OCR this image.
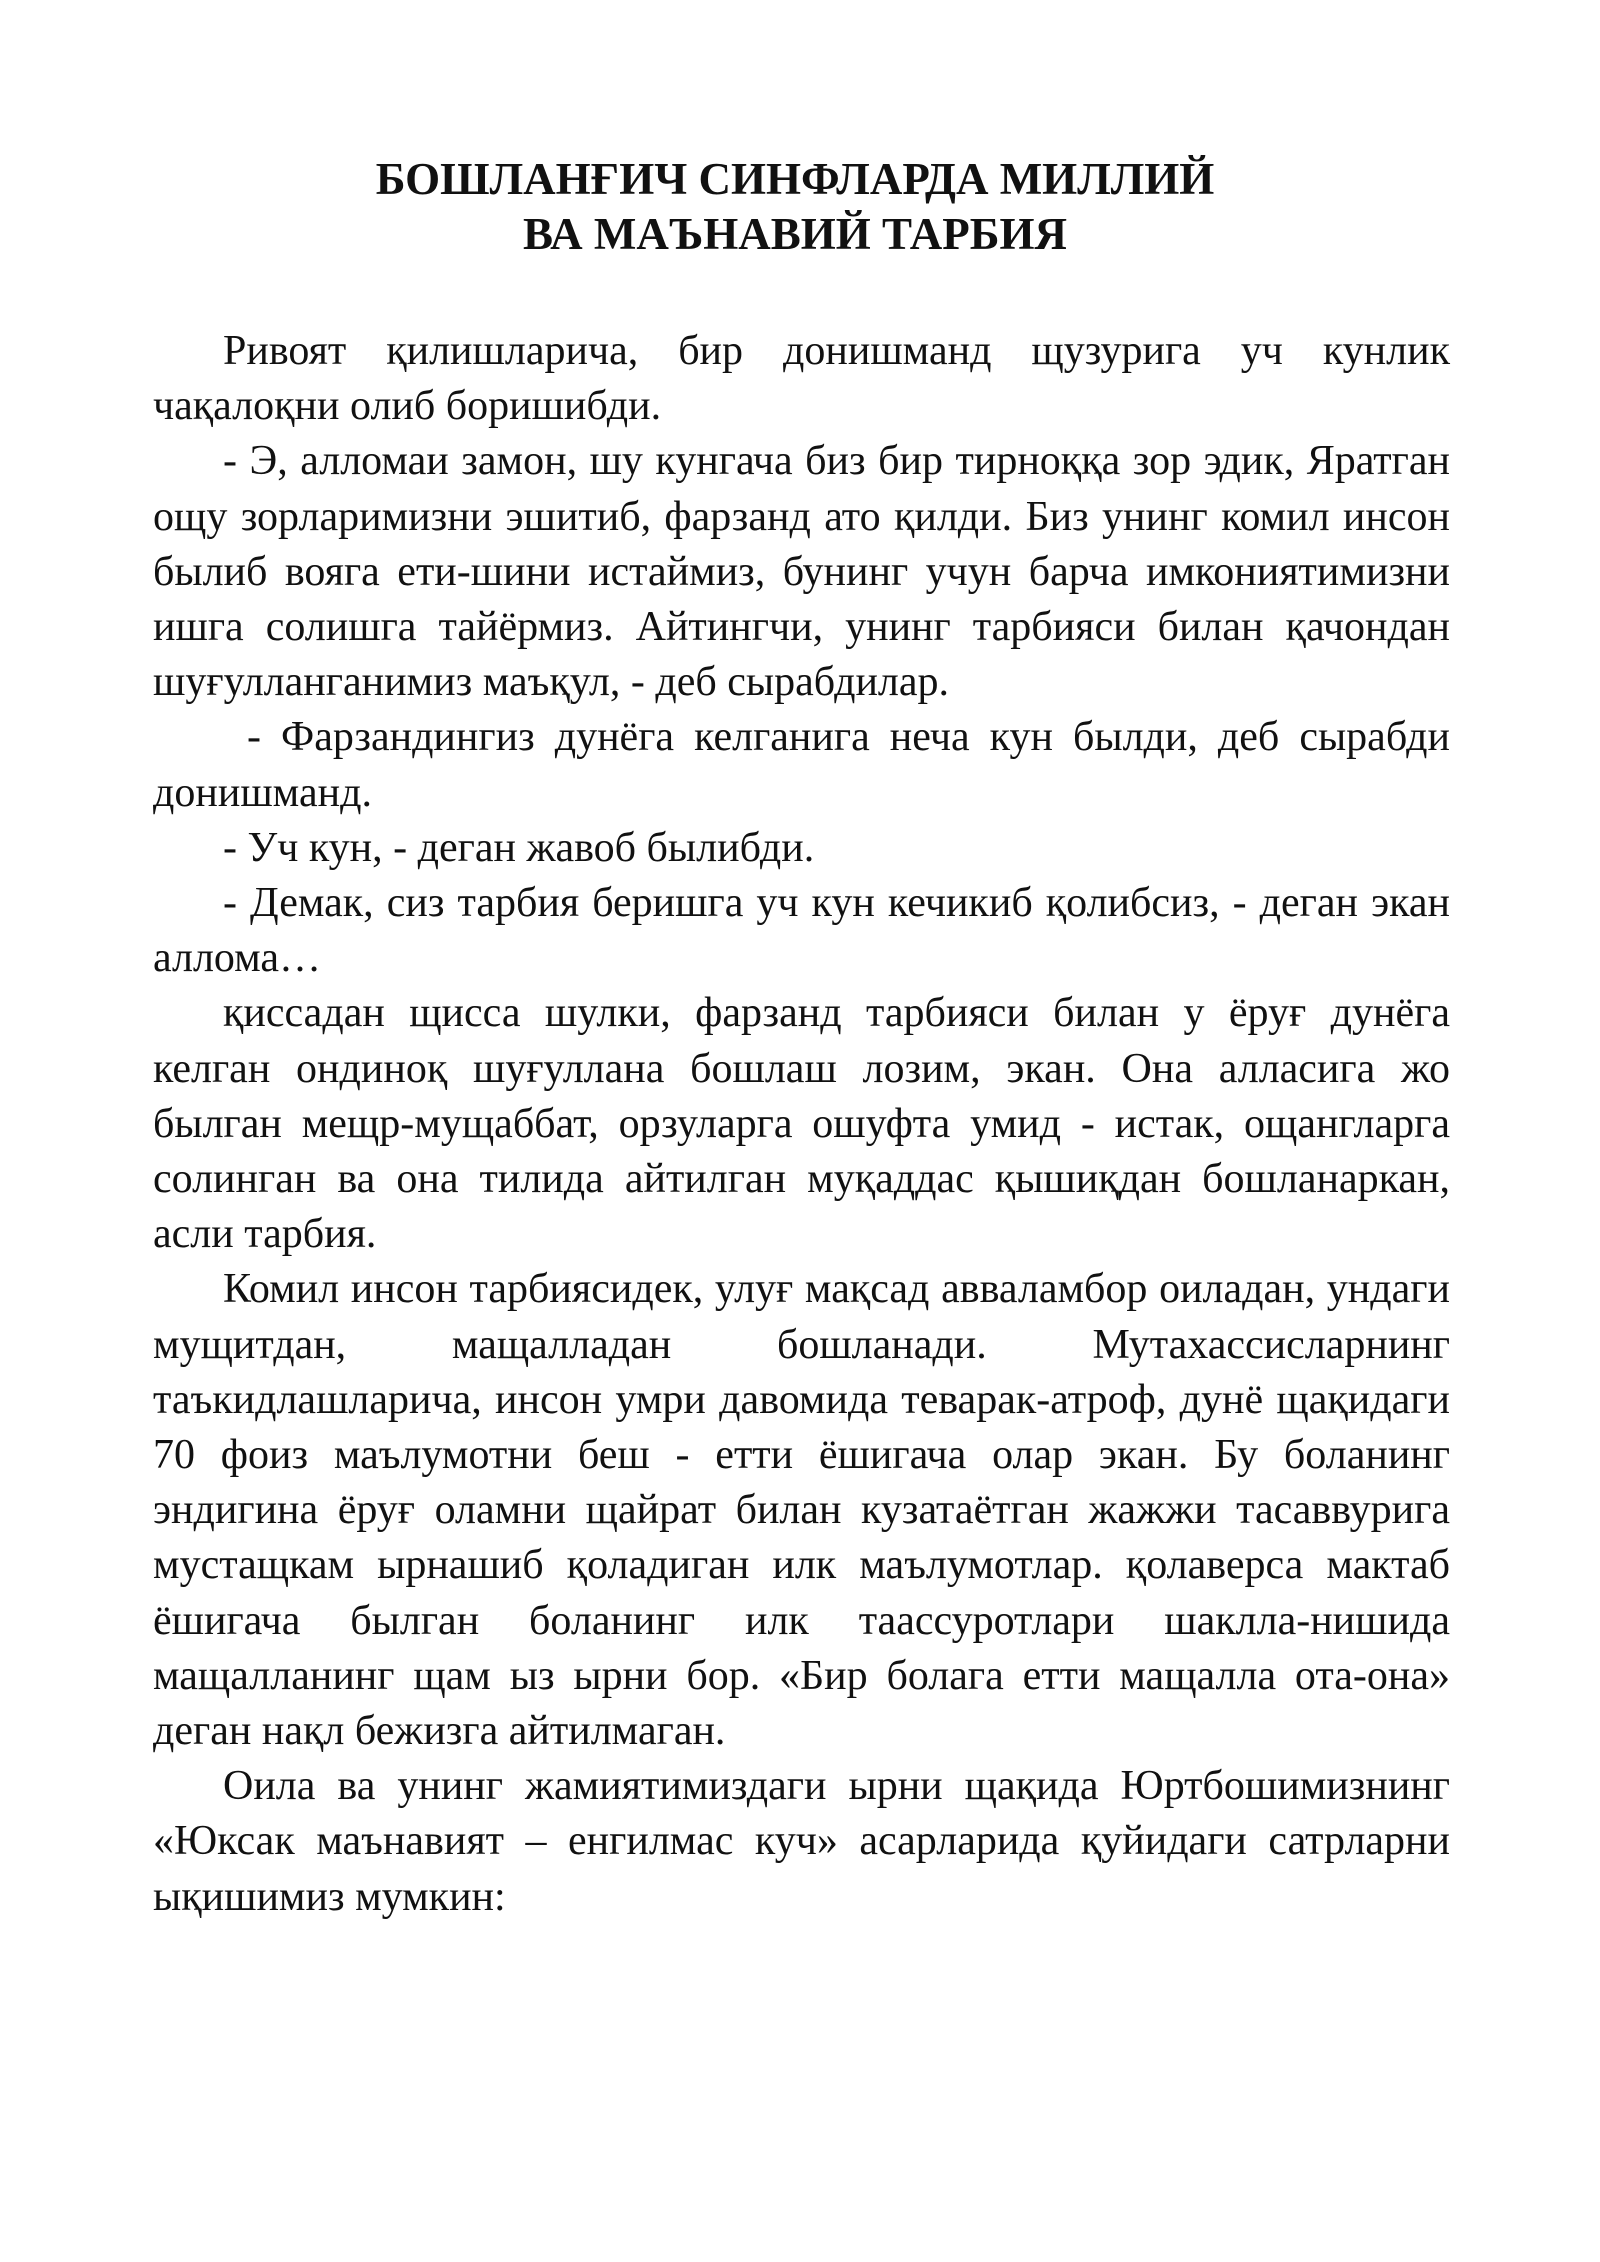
БОШЛАНҒИЧ СИНФЛАРДА МИЛЛИЙ
ВА МАЪНАВИЙ ТАРБИЯ

Ривоят қилишларича, бир донишманд щузурига уч кунлик чақалоқни олиб боришибди.

- Э, алломаи замон, шу кунгача биз бир тирноққа зор эдик, Яратган ощу зорларимизни эшитиб, фарзанд ато қилди. Биз унинг комил инсон былиб вояга ети-шини истаймиз, бунинг учун барча имкониятимизни ишга солишга тайёрмиз. Айтингчи, унинг тарбияси билан қачондан шуғулланганимиз маъқул, - деб сырабдилар.

- Фарзандингиз дунёга келганига неча кун былди, деб сырабди донишманд.

- Уч кун, - деган жавоб былибди.

- Демак, сиз тарбия беришга уч кун кечикиб қолибсиз, - деган экан аллома…

қиссадан щисса шулки, фарзанд тарбияси билан у ёруғ дунёга келган ондиноқ шуғуллана бошлаш лозим, экан. Она алласига жо былган мещр-мущаббат, орзуларга ошуфта умид - истак, ощангларга солинган ва она тилида айтилган муқаддас қышиқдан бошланаркан, асли тарбия.

Комил инсон тарбиясидек, улуғ мақсад авваламбор оиладан, ундаги мущитдан, мащалладан бошланади. Мутахассисларнинг таъкидлашларича, инсон умри давомида теварак-атроф, дунё щақидаги 70 фоиз маълумотни беш - етти ёшигача олар экан. Бу боланинг эндигина ёруғ оламни щайрат билан кузатаётган жажжи тасаввурига мустащкам ырнашиб қоладиган илк маълумотлар. қолаверса мактаб ёшигача былган боланинг илк таассуротлари шаклла-нишида мащалланинг щам ыз ырни бор. «Бир болага етти мащалла ота-она» деган нақл бежизга айтилмаган.

Оила ва унинг жамиятимиздаги ырни щақида Юртбошимизнинг «Юксак маънавият – енгилмас куч» асарларида қуйидаги сатрларни ықишимиз мумкин:
